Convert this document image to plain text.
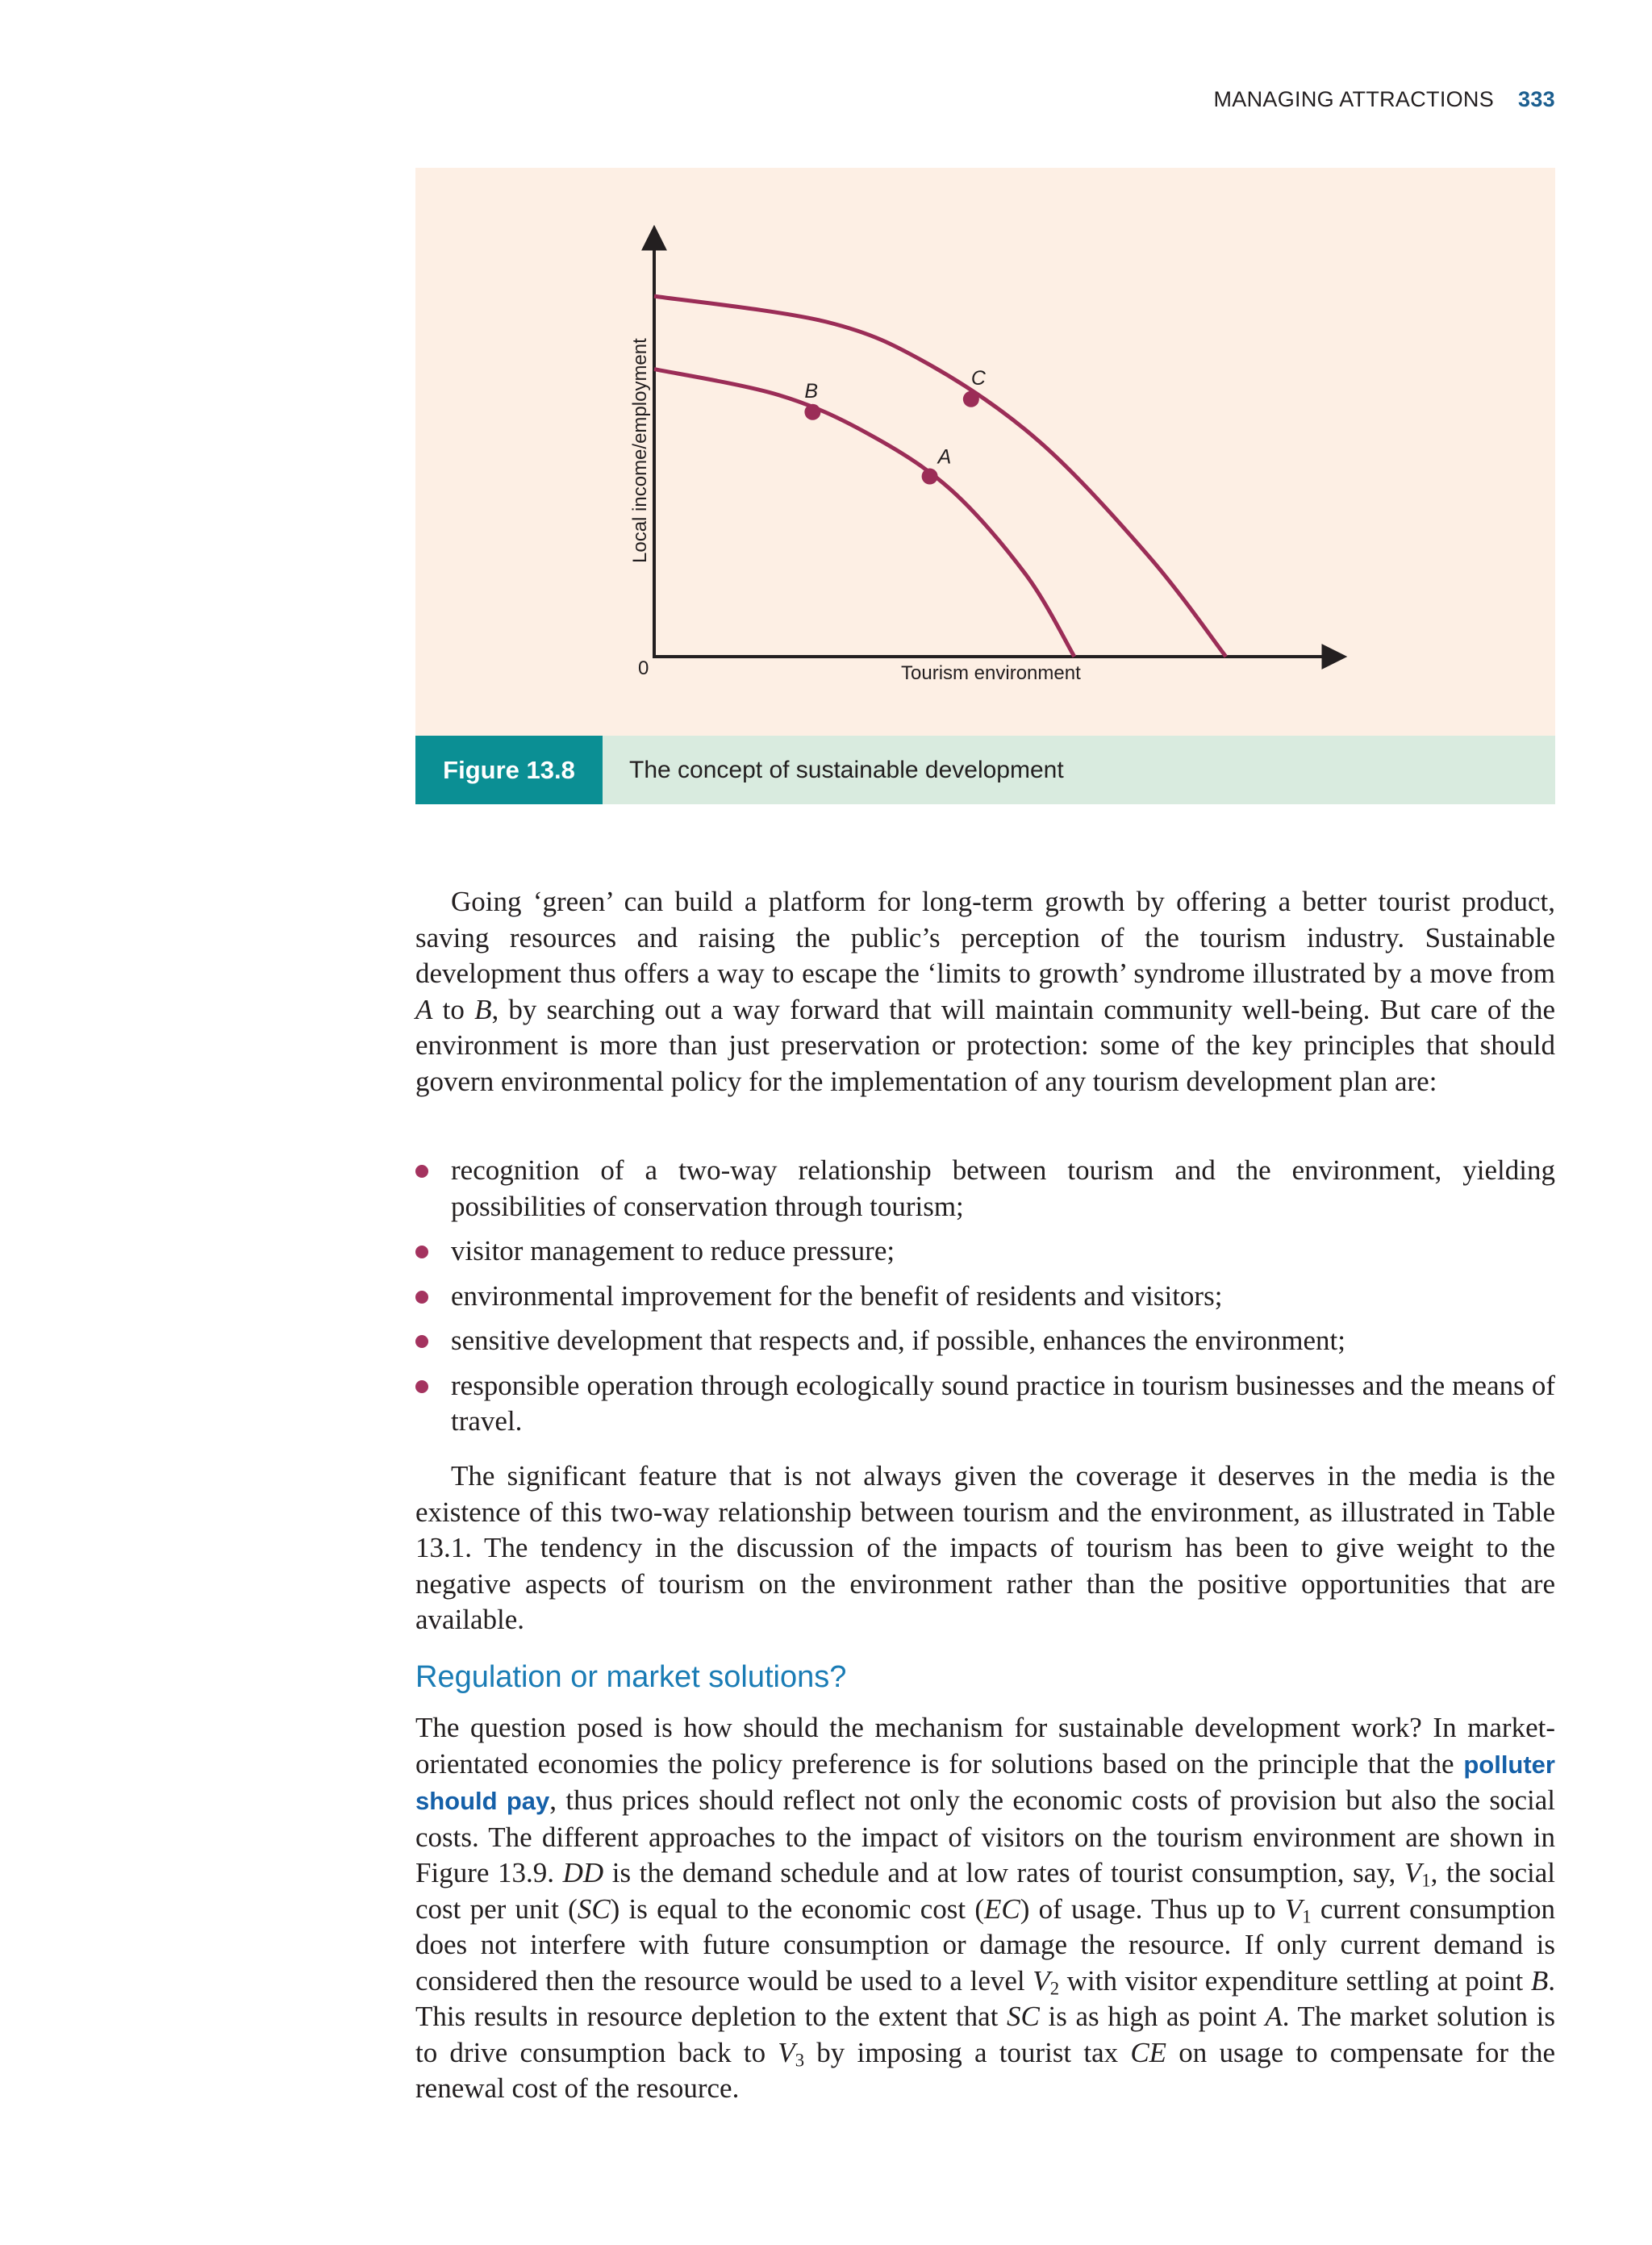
MANAGING ATTRACTIONS 333
B
A
C
0	Tourism environment
Local income/employment
Figure 13.8	The concept of sustainable development

Going ‘green’ can build a platform for long-term growth by offering a better tourist product, saving resources and raising the public’s perception of the tourism industry. Sustainable development thus offers a way to escape the ‘limits to growth’ syndrome illustrated by a move from A to B, by searching out a way forward that will maintain community well-being. But care of the environment is more than just preservation or protection: some of the key principles that should govern environmental policy for the implementation of any tourism development plan are:

recognition of a two-way relationship between tourism and the environment, yielding possibilities of conservation through tourism;
visitor management to reduce pressure;
environmental improvement for the benefit of residents and visitors;
sensitive development that respects and, if possible, enhances the environment;
responsible operation through ecologically sound practice in tourism businesses and the means of travel.

The significant feature that is not always given the coverage it deserves in the media is the existence of this two-way relationship between tourism and the environment, as illustrated in Table 13.1. The tendency in the discussion of the impacts of tourism has been to give weight to the negative aspects of tourism on the environment rather than the positive opportunities that are available.

Regulation or market solutions?

The question posed is how should the mechanism for sustainable development work? In market-orientated economies the policy preference is for solutions based on the principle that the polluter should pay, thus prices should reflect not only the economic costs of provision but also the social costs. The different approaches to the impact of visitors on the tourism environment are shown in Figure 13.9. DD is the demand schedule and at low rates of tourist consumption, say, $V_1$, the social cost per unit (SC) is equal to the economic cost (EC) of usage. Thus up to $V_1$ current consumption does not interfere with future consumption or damage the resource. If only current demand is considered then the resource would be used to a level $V_2$ with visitor expenditure settling at point B. This results in resource depletion to the extent that SC is as high as point A. The market solution is to drive consumption back to $V_3$ by imposing a tourist tax CE on usage to compensate for the renewal cost of the resource.
